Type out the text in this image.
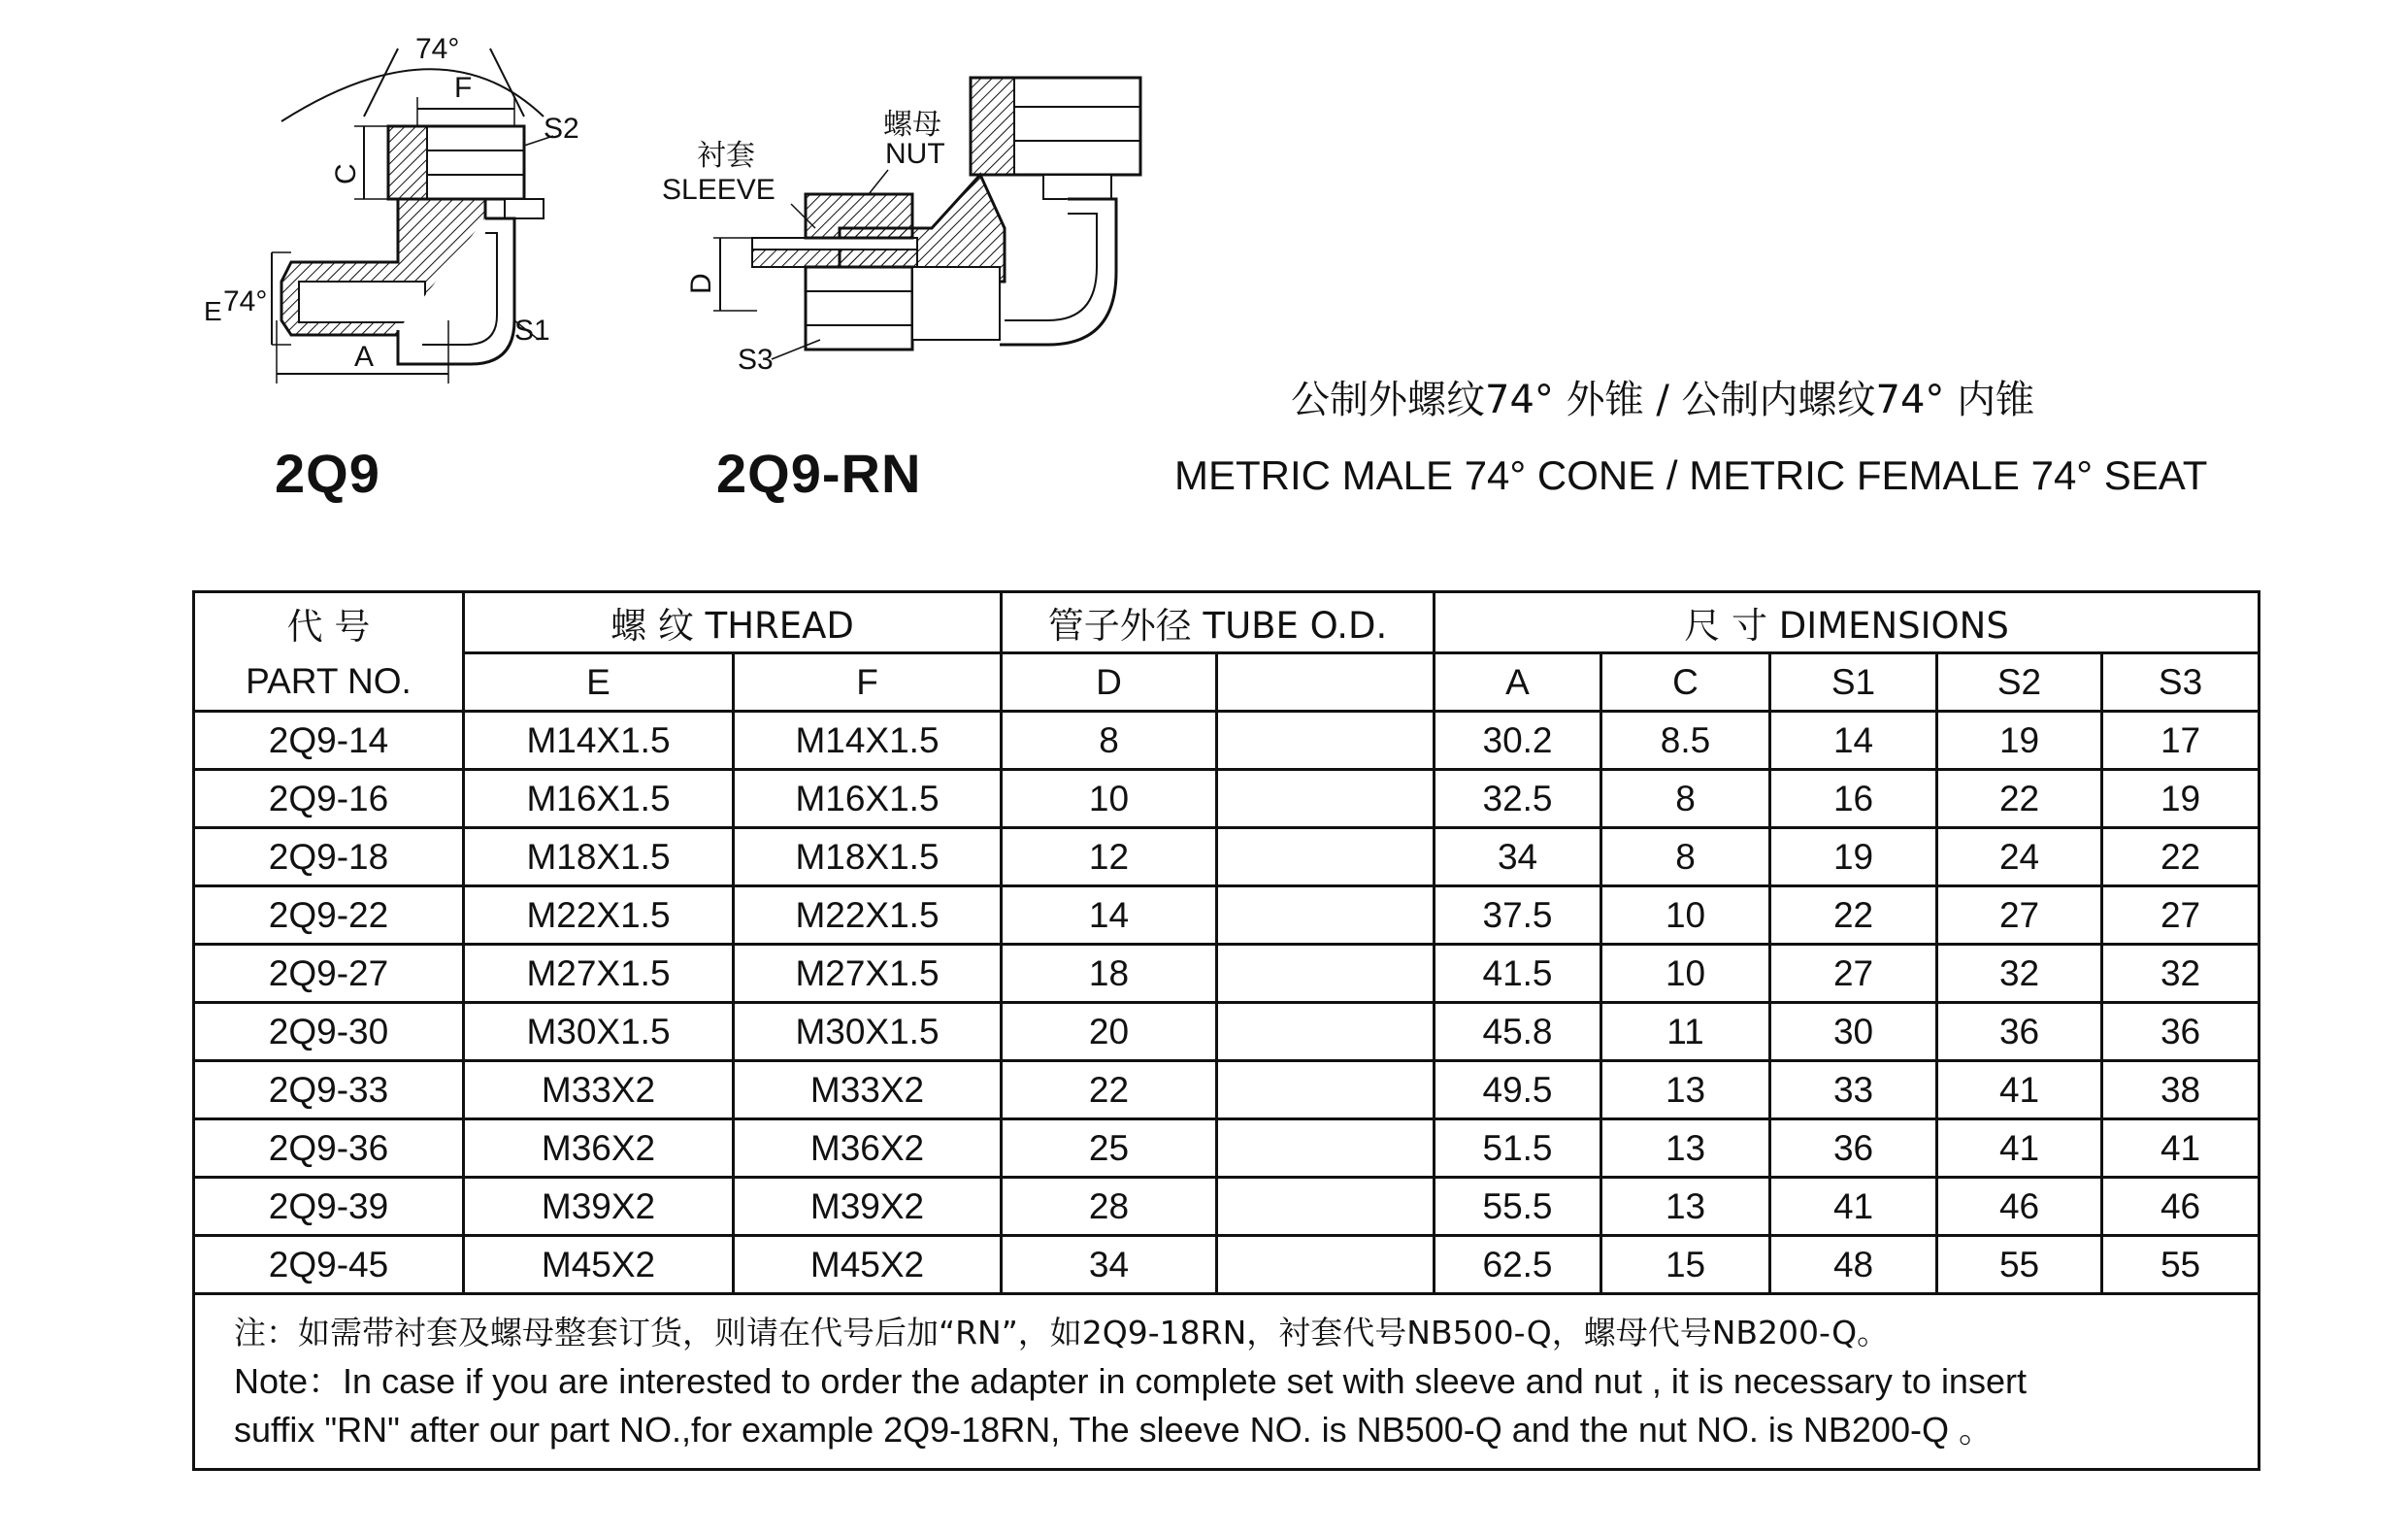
74°
F
C
S2
E 74°
A
S1
衬套
SLEEVE
螺母
NUT
D
S3
2Q9	2Q9-RN
公制外螺纹74° 外锥 / 公制内螺纹74° 内锥
METRIC MALE 74° CONE / METRIC FEMALE 74° SEAT
代 号	螺 纹 THREAD		管子外径 TUBE O.D.		尺 寸 DIMENSIONS				
PART NO.	E	F	D		A	C	S1	S2	S3
2Q9-14	M14X1.5	M14X1.5	8		30.2	8.5	14	19	17
2Q9-16	M16X1.5	M16X1.5	10		32.5	8	16	22	19
2Q9-18	M18X1.5	M18X1.5	12		34	8	19	24	22
2Q9-22	M22X1.5	M22X1.5	14		37.5	10	22	27	27
2Q9-27	M27X1.5	M27X1.5	18		41.5	10	27	32	32
2Q9-30	M30X1.5	M30X1.5	20		45.8	11	30	36	36
2Q9-33	M33X2	M33X2	22		49.5	13	33	41	38
2Q9-36	M36X2	M36X2	25		51.5	13	36	41	41
2Q9-39	M39X2	M39X2	28		55.5	13	41	46	46
2Q9-45	M45X2	M45X2	34		62.5	15	48	55	55

注：如需带衬套及螺母整套订货，则请在代号后加“RN”，如2Q9-18RN，衬套代号NB500-Q，螺母代号NB200-Q。
Note：In case if you are interested to order the adapter in complete set with sleeve and nut , it is necessary to insert
suffix "RN" after our part NO.,for example 2Q9-18RN, The sleeve NO. is NB500-Q and the nut NO. is NB200-Q 。									
